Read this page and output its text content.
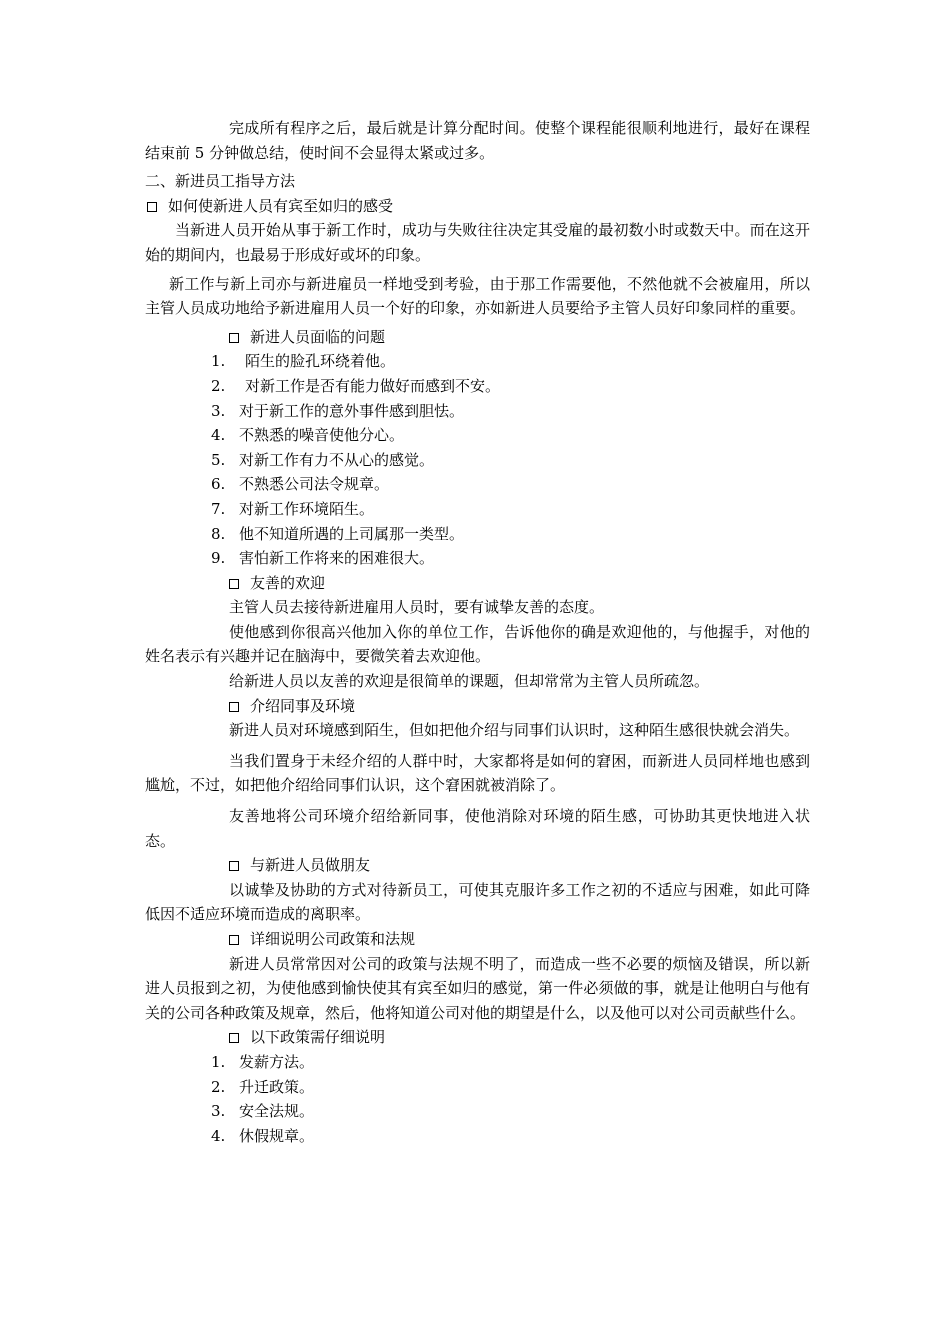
完成所有程序之后，最后就是计算分配时间。使整个课程能很顺利地进行，最好在课程结束前 5 分钟做总结，使时间不会显得太紧或过多。

二、新进员工指导方法
如何使新进人员有宾至如归的感受

当新进人员开始从事于新工作时，成功与失败往往决定其受雇的最初数小时或数天中。而在这开始的期间内，也最易于形成好或坏的印象。

新工作与新上司亦与新进雇员一样地受到考验，由于那工作需要他，不然他就不会被雇用，所以主管人员成功地给予新进雇用人员一个好的印象，亦如新进人员要给予主管人员好印象同样的重要。

新进人员面临的问题
1. 陌生的脸孔环绕着他。
2. 对新工作是否有能力做好而感到不安。
3. 对于新工作的意外事件感到胆怯。
4. 不熟悉的噪音使他分心。
5. 对新工作有力不从心的感觉。
6. 不熟悉公司法令规章。
7. 对新工作环境陌生。
8. 他不知道所遇的上司属那一类型。
9. 害怕新工作将来的困难很大。
友善的欢迎

主管人员去接待新进雇用人员时，要有诚挚友善的态度。

使他感到你很高兴他加入你的单位工作，告诉他你的确是欢迎他的，与他握手，对他的姓名表示有兴趣并记在脑海中，要微笑着去欢迎他。

给新进人员以友善的欢迎是很简单的课题，但却常常为主管人员所疏忽。

介绍同事及环境

新进人员对环境感到陌生，但如把他介绍与同事们认识时，这种陌生感很快就会消失。

当我们置身于未经介绍的人群中时，大家都将是如何的窘困，而新进人员同样地也感到尴尬，不过，如把他介绍给同事们认识，这个窘困就被消除了。

友善地将公司环境介绍给新同事，使他消除对环境的陌生感，可协助其更快地进入状态。

与新进人员做朋友

以诚挚及协助的方式对待新员工，可使其克服许多工作之初的不适应与困难，如此可降低因不适应环境而造成的离职率。

详细说明公司政策和法规

新进人员常常因对公司的政策与法规不明了，而造成一些不必要的烦恼及错误，所以新进人员报到之初，为使他感到愉快使其有宾至如归的感觉，第一件必须做的事，就是让他明白与他有关的公司各种政策及规章，然后，他将知道公司对他的期望是什么，以及他可以对公司贡献些什么。

以下政策需仔细说明
1. 发薪方法。
2. 升迁政策。
3. 安全法规。
4. 休假规章。
